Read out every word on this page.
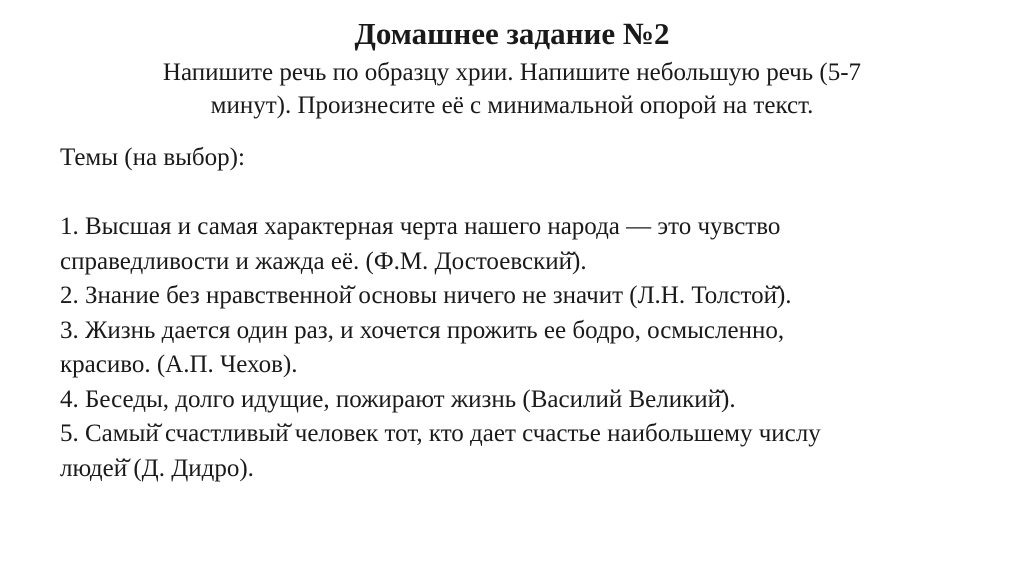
Домашнее задание №2
Напишите речь по образцу хрии. Напишите небольшую речь (5-7
минут). Произнесите её с минимальной опорой на текст.
Темы (на выбор):
1. Высшая и самая характерная черта нашего народа — это чувство
справедливости и жажда её. (Ф.М. Достоевский̆).
2. Знание без нравственной̆ основы ничего не значит (Л.Н. Толстой̆).
3. Жизнь дается один раз, и хочется прожить ее бодро, осмысленно,
красиво. (А.П. Чехов).
4. Беседы, долго идущие, пожирают жизнь (Василий Великий̆).
5. Самый̆ счастливый̆ человек тот, кто дает счастье наибольшему числу
людей̆ (Д. Дидро).
